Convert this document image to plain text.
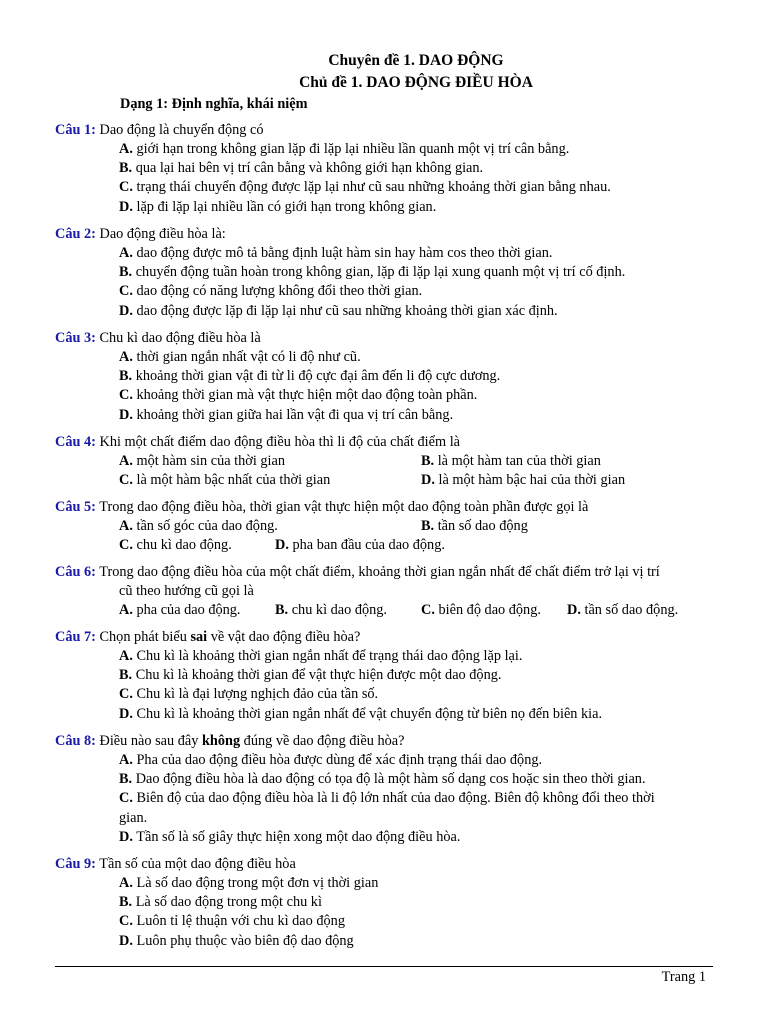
Chuyên đề 1. DAO ĐỘNG
Chủ đề 1. DAO ĐỘNG ĐIỀU HÒA
Dạng 1: Định nghĩa, khái niệm
Câu 1: Dao động là chuyển động có
A. giới hạn trong không gian lặp đi lặp lại nhiều lần quanh một vị trí cân bằng.
B. qua lại hai bên vị trí cân bằng và không giới hạn không gian.
C. trạng thái chuyển động được lặp lại như cũ sau những khoảng thời gian bằng nhau.
D. lặp đi lặp lại nhiều lần có giới hạn trong không gian.
Câu 2: Dao động điều hòa là:
A. dao động được mô tả bằng định luật hàm sin hay hàm cos theo thời gian.
B. chuyển động tuần hoàn trong không gian, lặp đi lặp lại xung quanh một vị trí cố định.
C. dao động có năng lượng không đổi theo thời gian.
D. dao động được lặp đi lặp lại như cũ sau những khoảng thời gian xác định.
Câu 3: Chu kì dao động điều hòa là
A. thời gian ngắn nhất vật có li độ như cũ.
B. khoảng thời gian vật đi từ li độ cực đại âm đến li độ cực dương.
C. khoảng thời gian mà vật thực hiện một dao động toàn phần.
D. khoảng thời gian giữa hai lần vật đi qua vị trí cân bằng.
Câu 4: Khi một chất điểm dao động điều hòa thì li độ của chất điểm là
A. một hàm sin của thời gian	B. là một hàm tan của thời gian
C. là một hàm bậc nhất của thời gian	D. là một hàm bậc hai của thời gian
Câu 5: Trong dao động điều hòa, thời gian vật thực hiện một dao động toàn phần được gọi là
A. tần số góc của dao động.	B. tần số dao động
C. chu kì dao động.	D. pha ban đầu của dao động.
Câu 6: Trong dao động điều hòa của một chất điểm, khoảng thời gian ngắn nhất để chất điểm trở lại vị trí
cũ theo hướng cũ gọi là
A. pha của dao động.	B. chu kì dao động.	C. biên độ dao động.	D. tần số dao động.
Câu 7: Chọn phát biểu sai về vật dao động điều hòa?
A. Chu kì là khoảng thời gian ngắn nhất để trạng thái dao động lặp lại.
B. Chu kì là khoảng thời gian để vật thực hiện được một dao động.
C. Chu kì là đại lượng nghịch đảo của tần số.
D. Chu kì là khoảng thời gian ngắn nhất để vật chuyển động từ biên nọ đến biên kia.
Câu 8: Điều nào sau đây không đúng về dao động điều hòa?
A. Pha của dao động điều hòa được dùng để xác định trạng thái dao động.
B. Dao động điều hòa là dao động có tọa độ là một hàm số dạng cos hoặc sin theo thời gian.
C. Biên độ của dao động điều hòa là li độ lớn nhất của dao động. Biên độ không đổi theo thời
gian.
D. Tần số là số giây thực hiện xong một dao động điều hòa.
Câu 9: Tần số của một dao động điều hòa
A. Là số dao động trong một đơn vị thời gian
B. Là số dao động trong một chu kì
C. Luôn tỉ lệ thuận với chu kì dao động
D. Luôn phụ thuộc vào biên độ dao động
Trang 1
